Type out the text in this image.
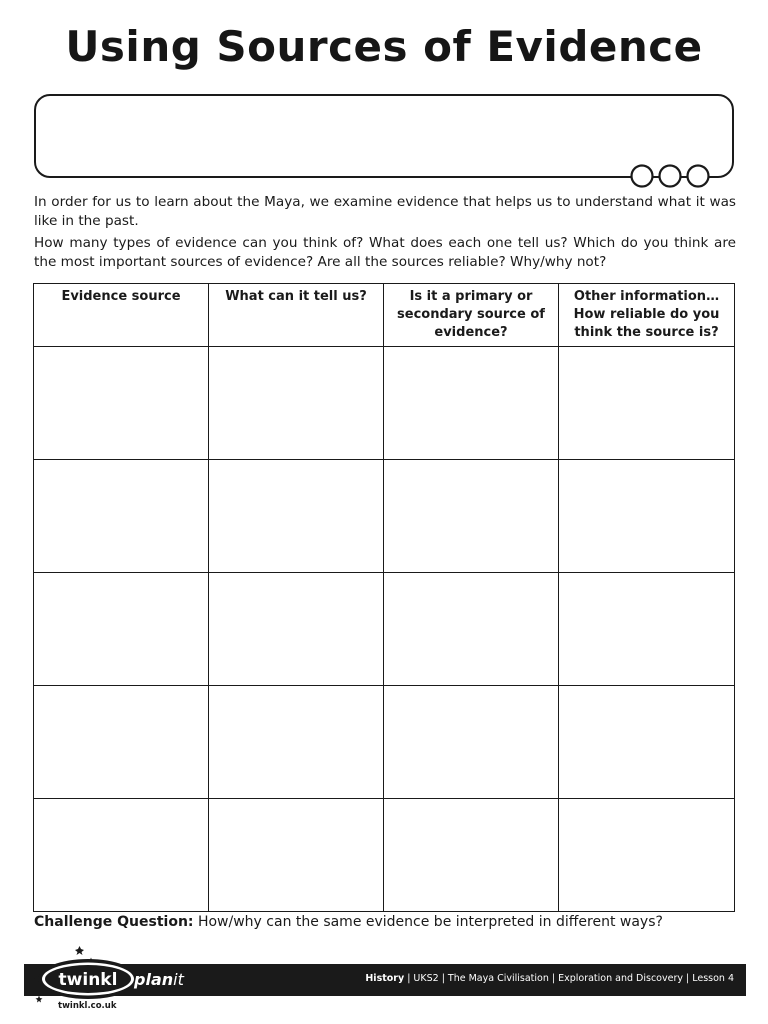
Using Sources of Evidence
In order for us to learn about the Maya, we examine evidence that helps us to understand what it was like in the past.
How many types of evidence can you think of? What does each one tell us? Which do you think are the most important sources of evidence? Are all the sources reliable? Why/why not?
Evidence source	What can it tell us?	Is it a primary or secondary source of evidence?	Other information… How reliable do you think the source is?

Challenge Question: How/why can the same evidence be interpreted in different ways?
History | UKS2 | The Maya Civilisation | Exploration and Discovery | Lesson 4
twinkl planit
twinkl.co.uk
